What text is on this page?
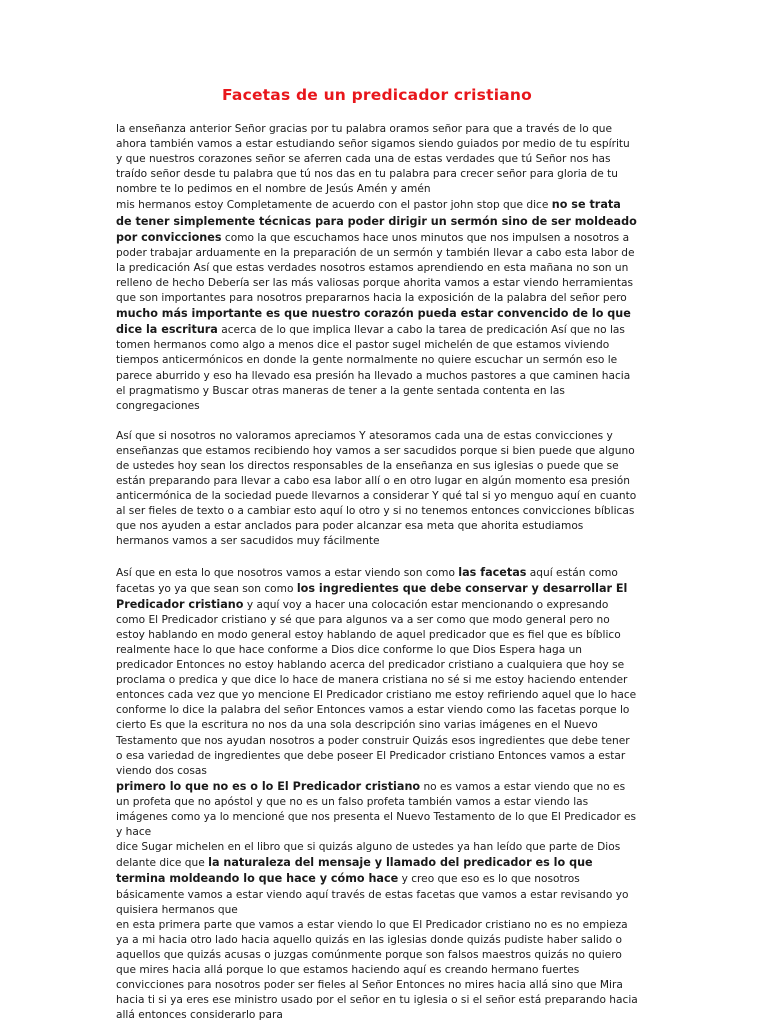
Facetas de un predicador cristiano

la enseñanza anterior Señor gracias por tu palabra oramos señor para que a través de lo que ahora también vamos a estar estudiando señor sigamos siendo guiados por medio de tu espíritu y que nuestros corazones señor se aferren cada una de estas verdades que tú Señor nos has traído señor desde tu palabra que tú nos das en tu palabra para crecer señor para gloria de tu nombre te lo pedimos en el nombre de Jesús Amén y amén

mis hermanos estoy Completamente de acuerdo con el pastor john stop que dice no se trata de tener simplemente técnicas para poder dirigir un sermón sino de ser moldeado por convicciones como la que escuchamos hace unos minutos que nos impulsen a nosotros a poder trabajar arduamente en la preparación de un sermón y también llevar a cabo esta labor de la predicación Así que estas verdades nosotros estamos aprendiendo en esta mañana no son un relleno de hecho Debería ser las más valiosas porque ahorita vamos a estar viendo herramientas que son importantes para nosotros prepararnos hacia la exposición de la palabra del señor pero mucho más importante es que nuestro corazón pueda estar convencido de lo que dice la escritura acerca de lo que implica llevar a cabo la tarea de predicación Así que no las tomen hermanos como algo a menos dice el pastor sugel michelén de que estamos viviendo tiempos anticermónicos en donde la gente normalmente no quiere escuchar un sermón eso le parece aburrido y eso ha llevado esa presión ha llevado a muchos pastores a que caminen hacia el pragmatismo y Buscar otras maneras de tener a la gente sentada contenta en las congregaciones

Así que si nosotros no valoramos apreciamos Y atesoramos cada una de estas convicciones y enseñanzas que estamos recibiendo hoy vamos a ser sacudidos porque si bien puede que alguno de ustedes hoy sean los directos responsables de la enseñanza en sus iglesias o puede que se están preparando para llevar a cabo esa labor allí o en otro lugar en algún momento esa presión anticermónica de la sociedad puede llevarnos a considerar Y qué tal si yo menguo aquí en cuanto al ser fieles de texto o a cambiar esto aquí lo otro y si no tenemos entonces convicciones bíblicas que nos ayuden a estar anclados para poder alcanzar esa meta que ahorita estudiamos hermanos vamos a ser sacudidos muy fácilmente

Así que en esta lo que nosotros vamos a estar viendo son como las facetas aquí están como facetas yo ya que sean son como los ingredientes que debe conservar y desarrollar El Predicador cristiano y aquí voy a hacer una colocación estar mencionando o expresando como El Predicador cristiano y sé que para algunos va a ser como que modo general pero no estoy hablando en modo general estoy hablando de aquel predicador que es fiel que es bíblico realmente hace lo que hace conforme a Dios dice conforme lo que Dios Espera haga un predicador Entonces no estoy hablando acerca del predicador cristiano a cualquiera que hoy se proclama o predica y que dice lo hace de manera cristiana no sé si me estoy haciendo entender entonces cada vez que yo mencione El Predicador cristiano me estoy refiriendo aquel que lo hace conforme lo dice la palabra del señor Entonces vamos a estar viendo como las facetas porque lo cierto Es que la escritura no nos da una sola descripción sino varias imágenes en el Nuevo Testamento que nos ayudan nosotros a poder construir Quizás esos ingredientes que debe tener o esa variedad de ingredientes que debe poseer El Predicador cristiano Entonces vamos a estar viendo dos cosas

primero lo que no es o lo El Predicador cristiano no es vamos a estar viendo que no es un profeta que no apóstol y que no es un falso profeta también vamos a estar viendo las imágenes como ya lo mencioné que nos presenta el Nuevo Testamento de lo que El Predicador es y hace

dice Sugar michelen en el libro que si quizás alguno de ustedes ya han leído que parte de Dios delante dice que la naturaleza del mensaje y llamado del predicador es lo que termina moldeando lo que hace y cómo hace y creo que eso es lo que nosotros básicamente vamos a estar viendo aquí través de estas facetas que vamos a estar revisando yo quisiera hermanos que

en esta primera parte que vamos a estar viendo lo que El Predicador cristiano no es no empieza ya a mi hacia otro lado hacia aquello quizás en las iglesias donde quizás pudiste haber salido o aquellos que quizás acusas o juzgas comúnmente porque son falsos maestros quizás no quiero que mires hacia allá porque lo que estamos haciendo aquí es creando hermano fuertes convicciones para nosotros poder ser fieles al Señor Entonces no mires hacia allá sino que Mira hacia ti si ya eres ese ministro usado por el señor en tu iglesia o si el señor está preparando hacia allá entonces considerarlo para
